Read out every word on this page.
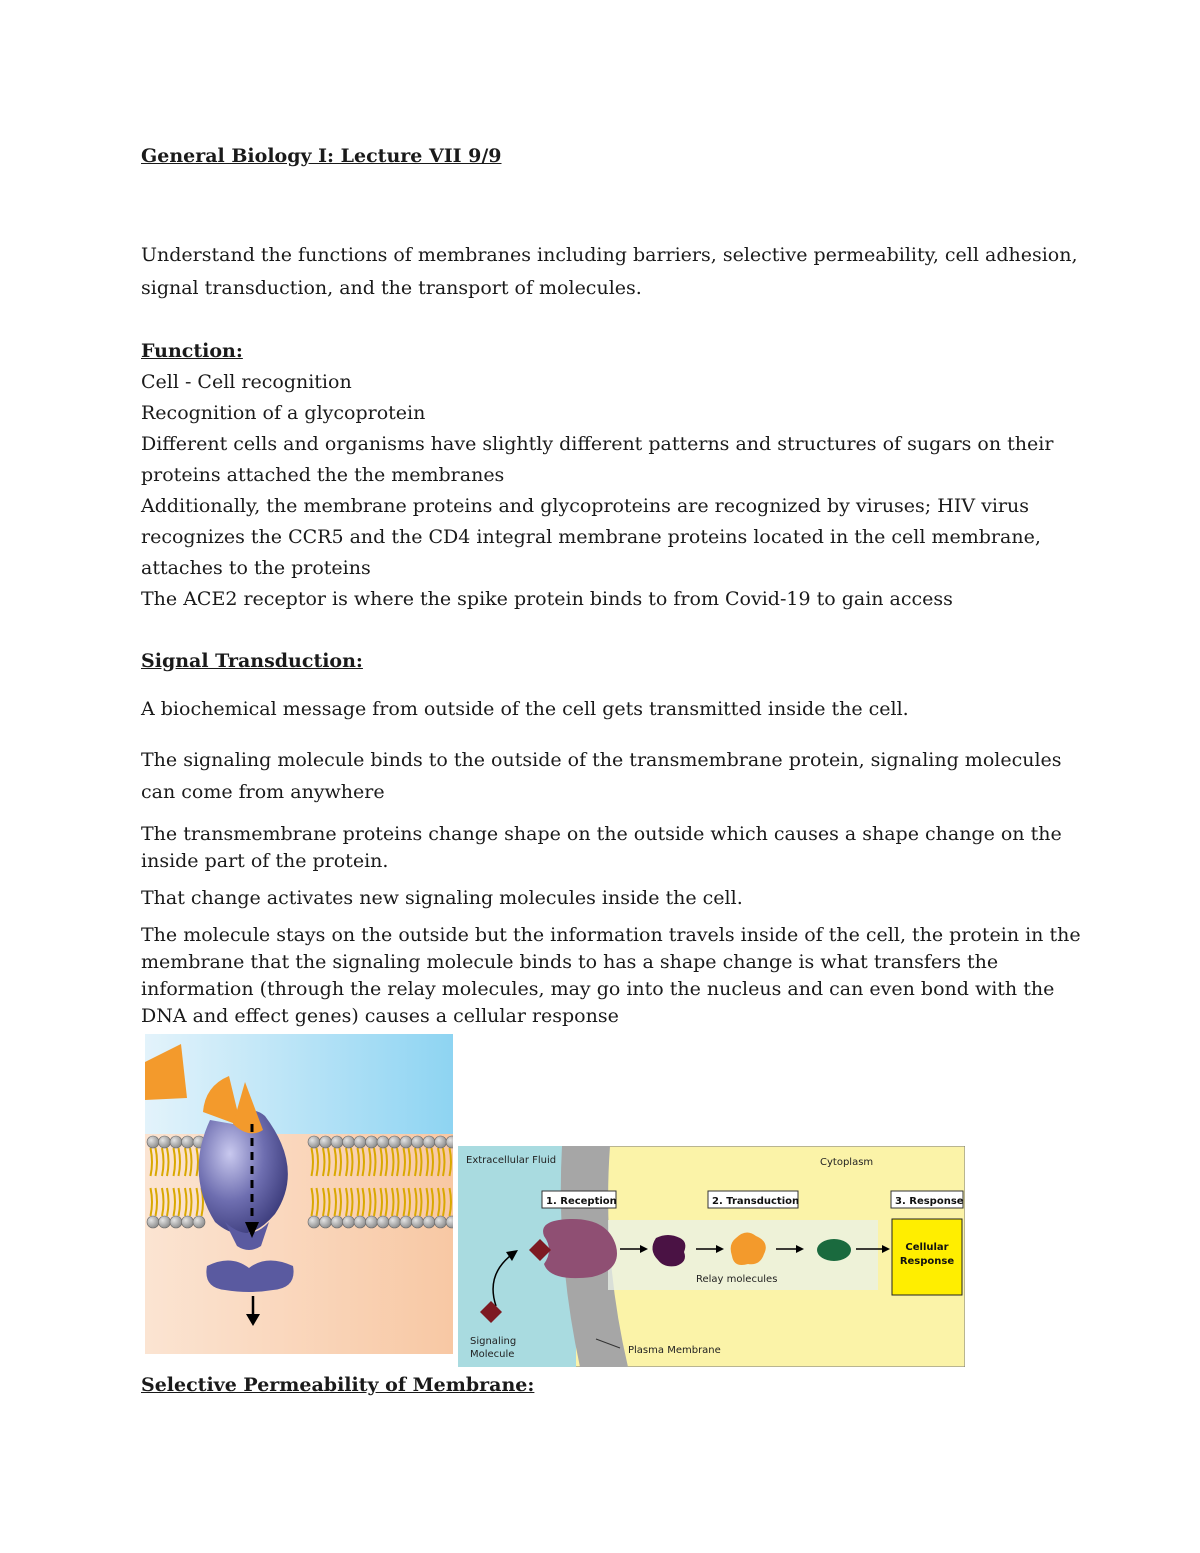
General Biology I: Lecture VII 9/9

Understand the functions of membranes including barriers, selective permeability, cell adhesion,

signal transduction, and the transport of molecules.

Function:

Cell - Cell recognition

Recognition of a glycoprotein

Different cells and organisms have slightly different patterns and structures of sugars on their

proteins attached the the membranes

Additionally, the membrane proteins and glycoproteins are recognized by viruses; HIV virus

recognizes the CCR5 and the CD4 integral membrane proteins located in the cell membrane,

attaches to the proteins

The ACE2 receptor is where the spike protein binds to from Covid-19 to gain access

Signal Transduction:

A biochemical message from outside of the cell gets transmitted inside the cell.

The signaling molecule binds to the outside of the transmembrane protein, signaling molecules

can come from anywhere

The transmembrane proteins change shape on the outside which causes a shape change on the

inside part of the protein.

That change activates new signaling molecules inside the cell.

The molecule stays on the outside but the information travels inside of the cell, the protein in the

membrane that the signaling molecule binds to has a shape change is what transfers the

information (through the relay molecules, may go into the nucleus and can even bond with the

DNA and effect genes) causes a cellular response

Extracellular Fluid	Cytoplasm
1. Reception	2. Transduction	3. Response
Relay molecules
Cellular
Response
Signaling
Molecule	Plasma Membrane

Selective Permeability of Membrane:
